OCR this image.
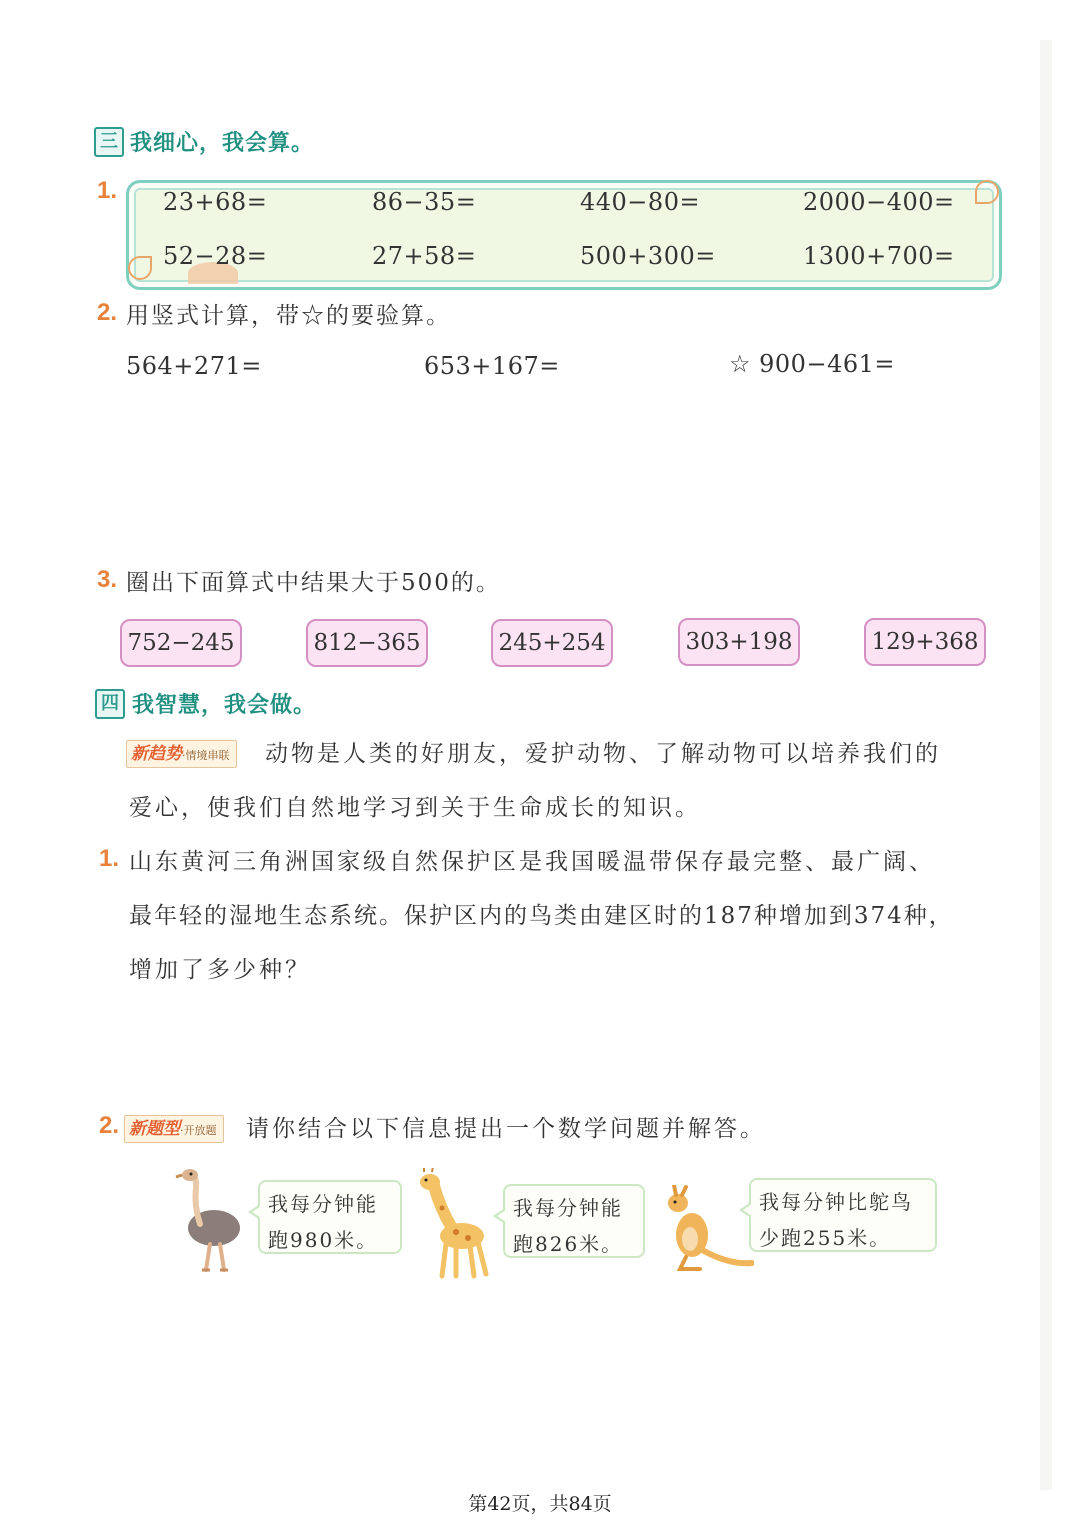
三 我细心，我会算。
1. 23+68=	86−35=	440−80=	2000−400=
52−28=	27+58=	500+300=	1300+700=
2. 用竖式计算，带☆的要验算。
564+271=	653+167=	☆ 900−461=
3. 圈出下面算式中结果大于500的。
752−245	812−365	245+254	303+198	129+368
四 我智慧，我会做。
新趋势·情境串联	动物是人类的好朋友，爱护动物、了解动物可以培养我们的
爱心，使我们自然地学习到关于生命成长的知识。
1. 山东黄河三角洲国家级自然保护区是我国暖温带保存最完整、最广阔、
最年轻的湿地生态系统。保护区内的鸟类由建区时的187种增加到374种，
增加了多少种？
2. 新题型·开放题	请你结合以下信息提出一个数学问题并解答。
我每分钟能
跑980米。
我每分钟能
跑826米。
我每分钟比鸵鸟
少跑255米。
第42页，共84页
